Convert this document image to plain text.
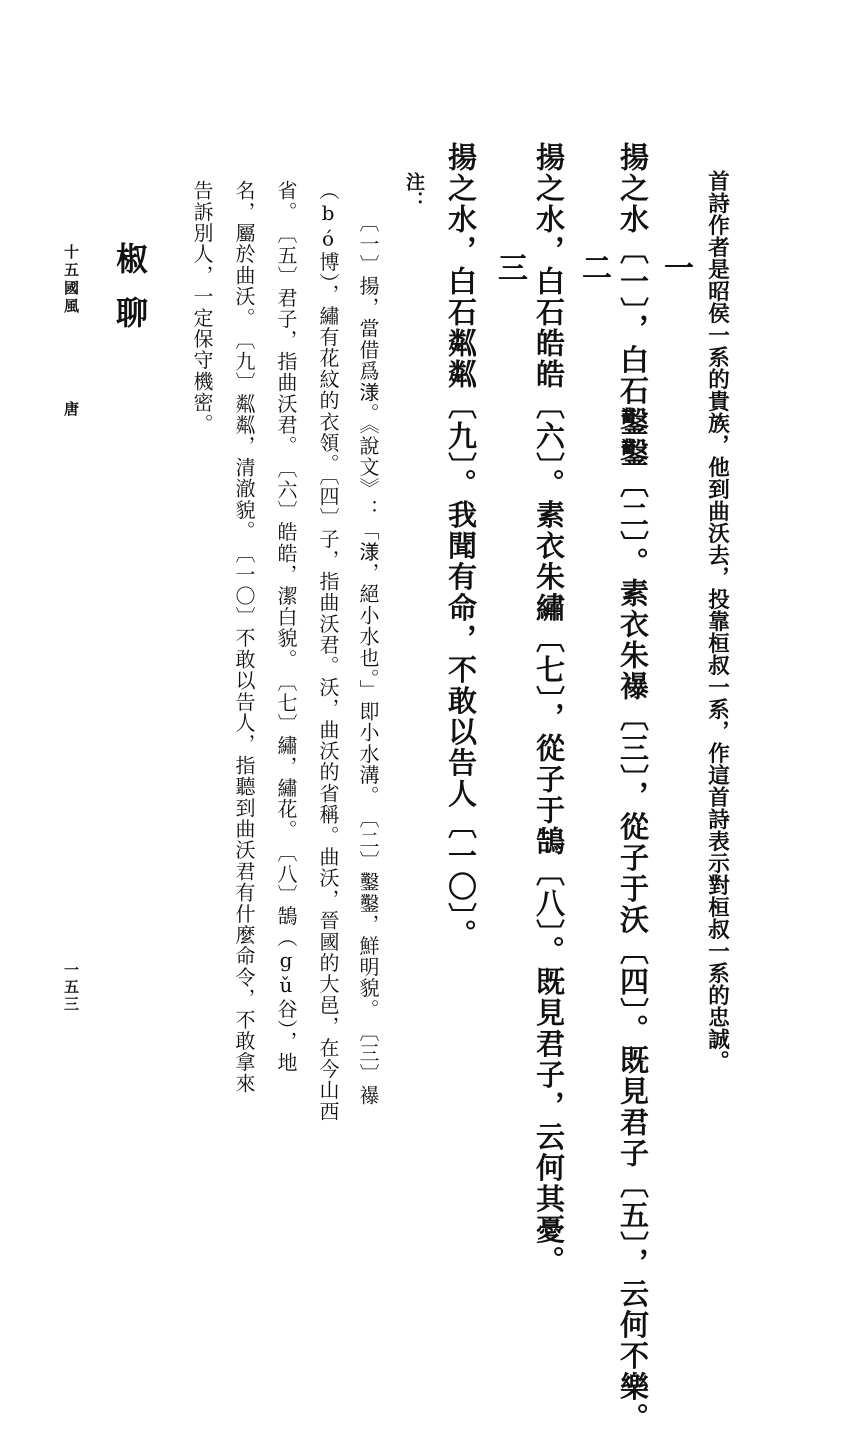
首詩作者是昭侯一系的貴族，他到曲沃去，投靠桓叔一系，作這首詩表示對桓叔一系的忠誠。
一
揚之水〔一〕，白石鑿鑿〔二〕。素衣朱襮〔三〕，從子于沃〔四〕。既見君子〔五〕，云何不樂。
二
揚之水，白石皓皓〔六〕。素衣朱繡〔七〕，從子于鵠〔八〕。既見君子，云何其憂。
三
揚之水，白石粼粼〔九〕。我聞有命，不敢以告人〔一〇〕。
注：
〔一〕揚，當借爲𣻌。《說文》：「𣻌，絕小水也。」即小水溝。　〔二〕鑿鑿，鮮明貌。　〔三〕襮
（bó博），繡有花紋的衣領。〔四〕子，指曲沃君。沃，曲沃的省稱。曲沃，晉國的大邑，在今山西
省。　〔五〕君子，指曲沃君。　〔六〕皓皓，潔白貌。　〔七〕繡，繡花。　〔八〕鵠（gǔ谷），地
名，屬於曲沃。　〔九〕粼粼，清澈貌。　〔一〇〕不敢以告人，指聽到曲沃君有什麼命令，不敢拿來
告訴別人，一定保守機密。
椒聊
十五國風
唐
一五三
